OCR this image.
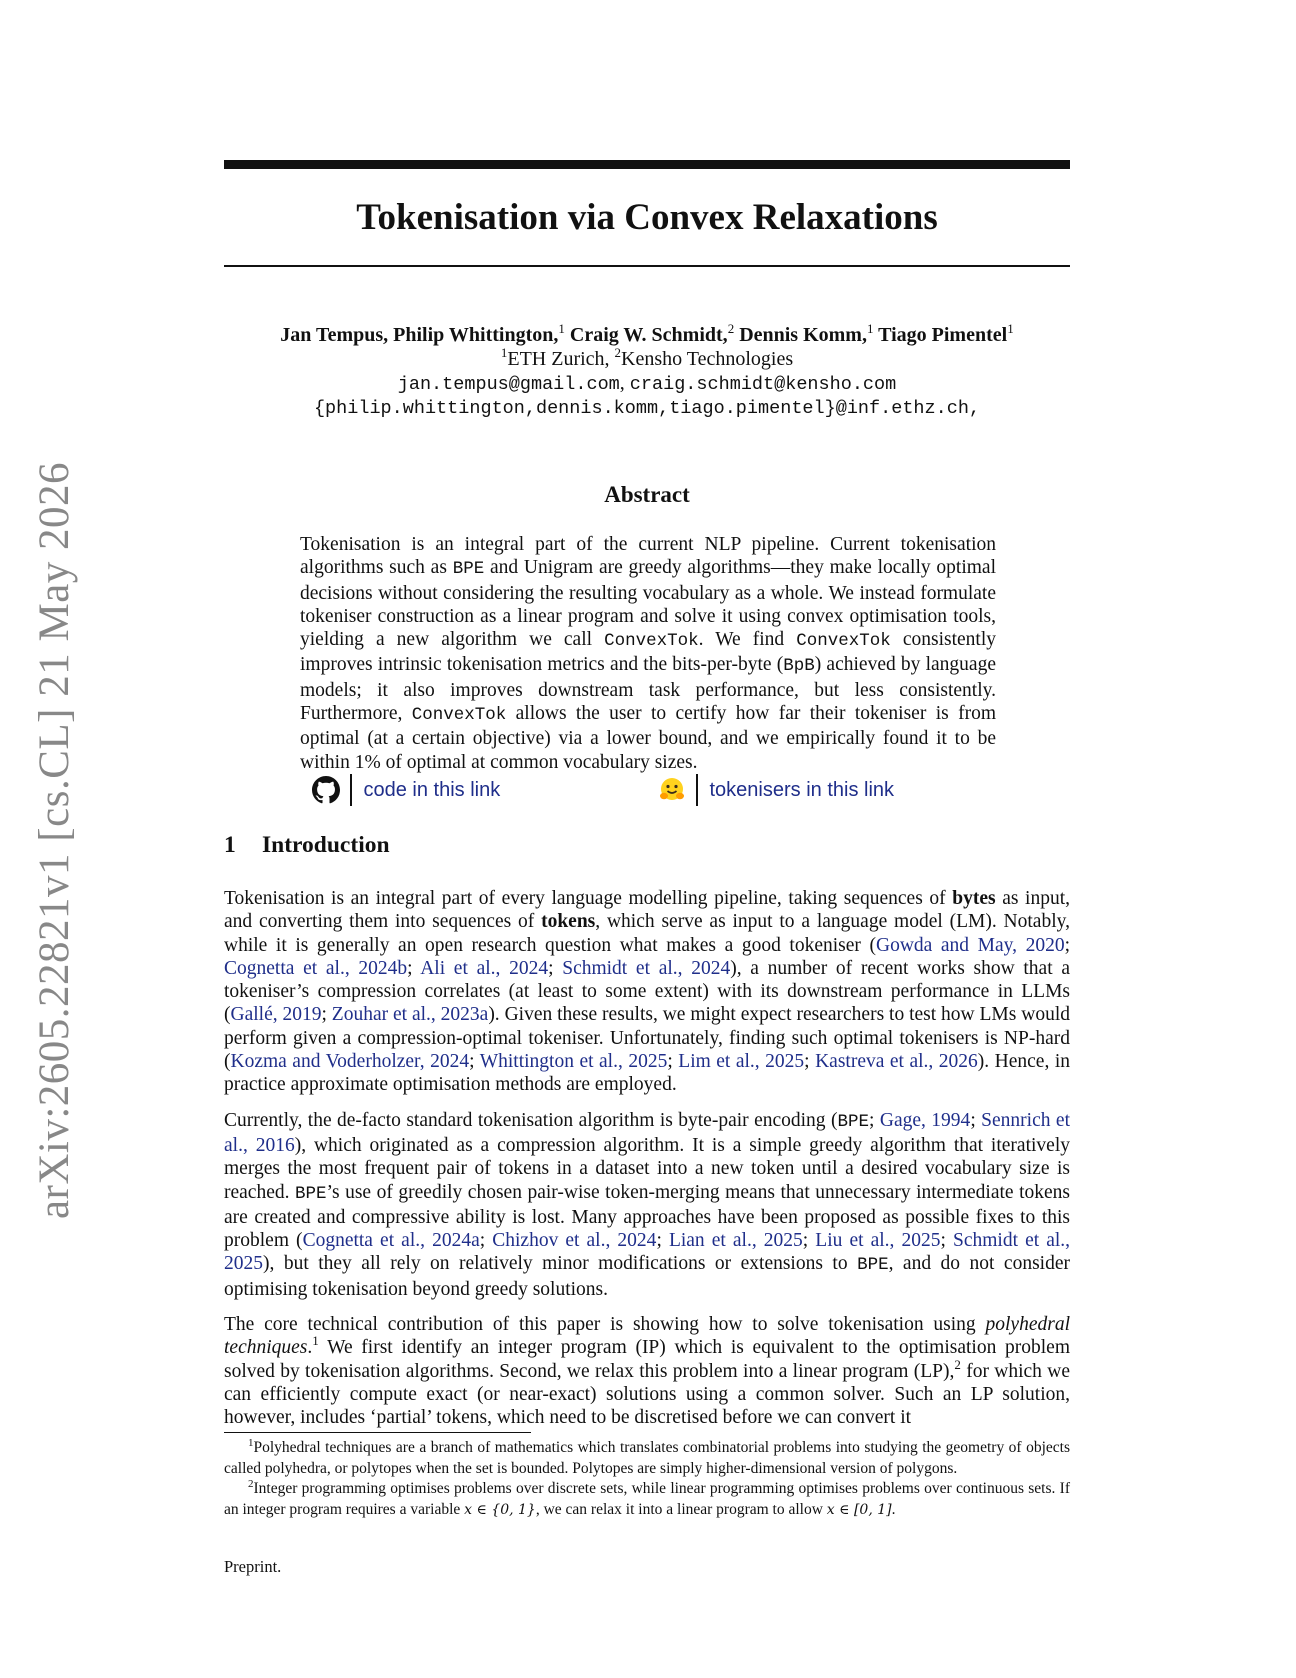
arXiv:2605.22821v1 [cs.CL] 21 May 2026
Tokenisation via Convex Relaxations
Jan Tempus, Philip Whittington,$^1$ Craig W. Schmidt,$^2$ Dennis Komm,$^1$ Tiago Pimentel$^1$
$^1$ETH Zurich, $^2$Kensho Technologies
jan.tempus@gmail.com, craig.schmidt@kensho.com
{philip.whittington,dennis.komm,tiago.pimentel}@inf.ethz.ch,
Abstract

Tokenisation is an integral part of the current NLP pipeline. Current tokenisation algorithms such as BPE and Unigram are greedy algorithms—they make locally optimal decisions without considering the resulting vocabulary as a whole. We instead formulate tokeniser construction as a linear program and solve it using convex optimisation tools, yielding a new algorithm we call ConvexTok. We find ConvexTok consistently improves intrinsic tokenisation metrics and the bits-per-byte (BpB) achieved by language models; it also improves downstream task performance, but less consistently. Furthermore, ConvexTok allows the user to certify how far their tokeniser is from optimal (at a certain objective) via a lower bound, and we empirically found it to be within 1% of optimal at common vocabulary sizes.

code in this link	tokenisers in this link
1 Introduction

Tokenisation is an integral part of every language modelling pipeline, taking sequences of bytes as input, and converting them into sequences of tokens, which serve as input to a language model (LM). Notably, while it is generally an open research question what makes a good tokeniser (Gowda and May, 2020; Cognetta et al., 2024b; Ali et al., 2024; Schmidt et al., 2024), a number of recent works show that a tokeniser’s compression correlates (at least to some extent) with its downstream performance in LLMs (Gallé, 2019; Zouhar et al., 2023a). Given these results, we might expect researchers to test how LMs would perform given a compression-optimal tokeniser. Unfortunately, finding such optimal tokenisers is NP-hard (Kozma and Voderholzer, 2024; Whittington et al., 2025; Lim et al., 2025; Kastreva et al., 2026). Hence, in practice approximate optimisation methods are employed.

Currently, the de-facto standard tokenisation algorithm is byte-pair encoding (BPE; Gage, 1994; Sennrich et al., 2016), which originated as a compression algorithm. It is a simple greedy algorithm that iteratively merges the most frequent pair of tokens in a dataset into a new token until a desired vocabulary size is reached. BPE’s use of greedily chosen pair-wise token-merging means that unnecessary intermediate tokens are created and compressive ability is lost. Many approaches have been proposed as possible fixes to this problem (Cognetta et al., 2024a; Chizhov et al., 2024; Lian et al., 2025; Liu et al., 2025; Schmidt et al., 2025), but they all rely on relatively minor modifications or extensions to BPE, and do not consider optimising tokenisation beyond greedy solutions.

The core technical contribution of this paper is showing how to solve tokenisation using polyhedral techniques.$^1$ We first identify an integer program (IP) which is equivalent to the optimisation problem solved by tokenisation algorithms. Second, we relax this problem into a linear program (LP),$^2$ for which we can efficiently compute exact (or near-exact) solutions using a common solver. Such an LP solution, however, includes ‘partial’ tokens, which need to be discretised before we can convert it

$^1$Polyhedral techniques are a branch of mathematics which translates combinatorial problems into studying the geometry of objects called polyhedra, or polytopes when the set is bounded. Polytopes are simply higher-dimensional version of polygons.

$^2$Integer programming optimises problems over discrete sets, while linear programming optimises problems over continuous sets. If an integer program requires a variable x ∈ {0, 1}, we can relax it into a linear program to allow x ∈ [0, 1].

Preprint.
